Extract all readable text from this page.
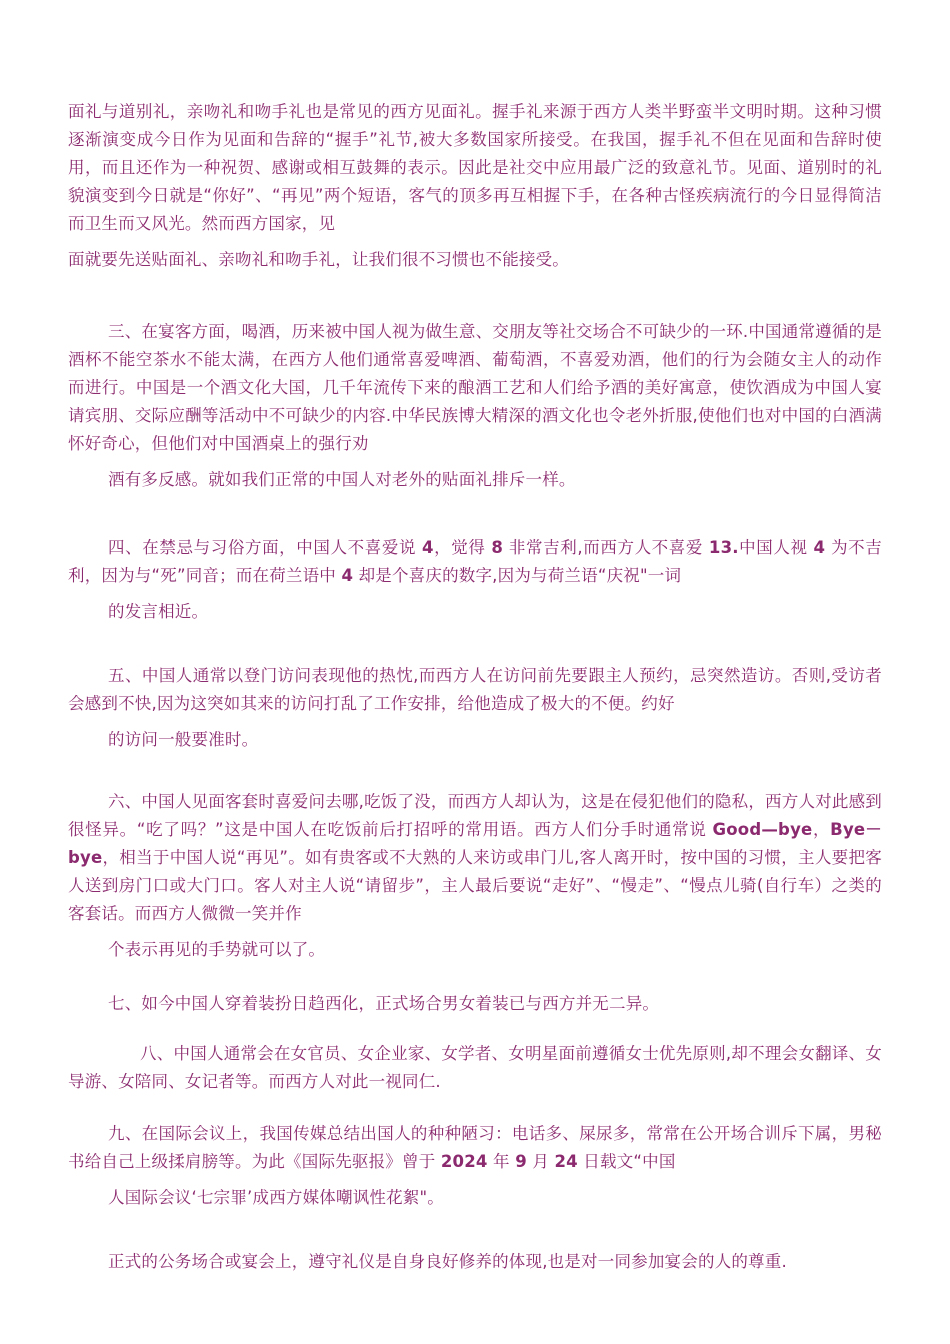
面礼与道别礼，亲吻礼和吻手礼也是常见的西方见面礼。握手礼来源于西方人类半野蛮半文明时期。这种习惯逐渐演变成今日作为见面和告辞的“握手”礼节,被大多数国家所接受。在我国，握手礼不但在见面和告辞时使用，而且还作为一种祝贺、感谢或相互鼓舞的表示。因此是社交中应用最广泛的致意礼节。见面、道别时的礼貌演变到今日就是“你好”、“再见”两个短语，客气的顶多再互相握下手，在各种古怪疾病流行的今日显得简洁而卫生而又风光。然而西方国家，见
面就要先送贴面礼、亲吻礼和吻手礼，让我们很不习惯也不能接受。

三、在宴客方面，喝酒，历来被中国人视为做生意、交朋友等社交场合不可缺少的一环.中国通常遵循的是酒杯不能空茶水不能太满，在西方人他们通常喜爱啤酒、葡萄酒，不喜爱劝酒，他们的行为会随女主人的动作而进行。中国是一个酒文化大国，几千年流传下来的酿酒工艺和人们给予酒的美好寓意，使饮酒成为中国人宴请宾朋、交际应酬等活动中不可缺少的内容.中华民族博大精深的酒文化也令老外折服,使他们也对中国的白酒满怀好奇心，但他们对中国酒桌上的强行劝
酒有多反感。就如我们正常的中国人对老外的贴面礼排斥一样。

四、在禁忌与习俗方面，中国人不喜爱说 4，觉得 8 非常吉利,而西方人不喜爱 13.中国人视 4 为不吉利，因为与“死”同音；而在荷兰语中 4 却是个喜庆的数字,因为与荷兰语“庆祝"一词
的发言相近。

五、中国人通常以登门访问表现他的热忱,而西方人在访问前先要跟主人预约，忌突然造访。否则,受访者会感到不快,因为这突如其来的访问打乱了工作安排，给他造成了极大的不便。约好
的访问一般要准时。

六、中国人见面客套时喜爱问去哪,吃饭了没，而西方人却认为，这是在侵犯他们的隐私，西方人对此感到很怪异。“吃了吗？”这是中国人在吃饭前后打招呼的常用语。西方人们分手时通常说 Good—bye，Bye－bye，相当于中国人说“再见”。如有贵客或不大熟的人来访或串门儿,客人离开时，按中国的习惯，主人要把客人送到房门口或大门口。客人对主人说“请留步”，主人最后要说“走好”、“慢走”、“慢点儿骑(自行车）之类的客套话。而西方人微微一笑并作
个表示再见的手势就可以了。

七、如今中国人穿着装扮日趋西化，正式场合男女着装已与西方并无二异。

八、中国人通常会在女官员、女企业家、女学者、女明星面前遵循女士优先原则,却不理会女翻译、女导游、女陪同、女记者等。而西方人对此一视同仁.

九、在国际会议上，我国传媒总结出国人的种种陋习：电话多、屎尿多，常常在公开场合训斥下属，男秘书给自己上级揉肩膀等。为此《国际先驱报》曾于 2024 年 9 月 24 日载文“中国
人国际会议‘七宗罪’成西方媒体嘲讽性花絮"。

正式的公务场合或宴会上，遵守礼仪是自身良好修养的体现,也是对一同参加宴会的人的尊重.
